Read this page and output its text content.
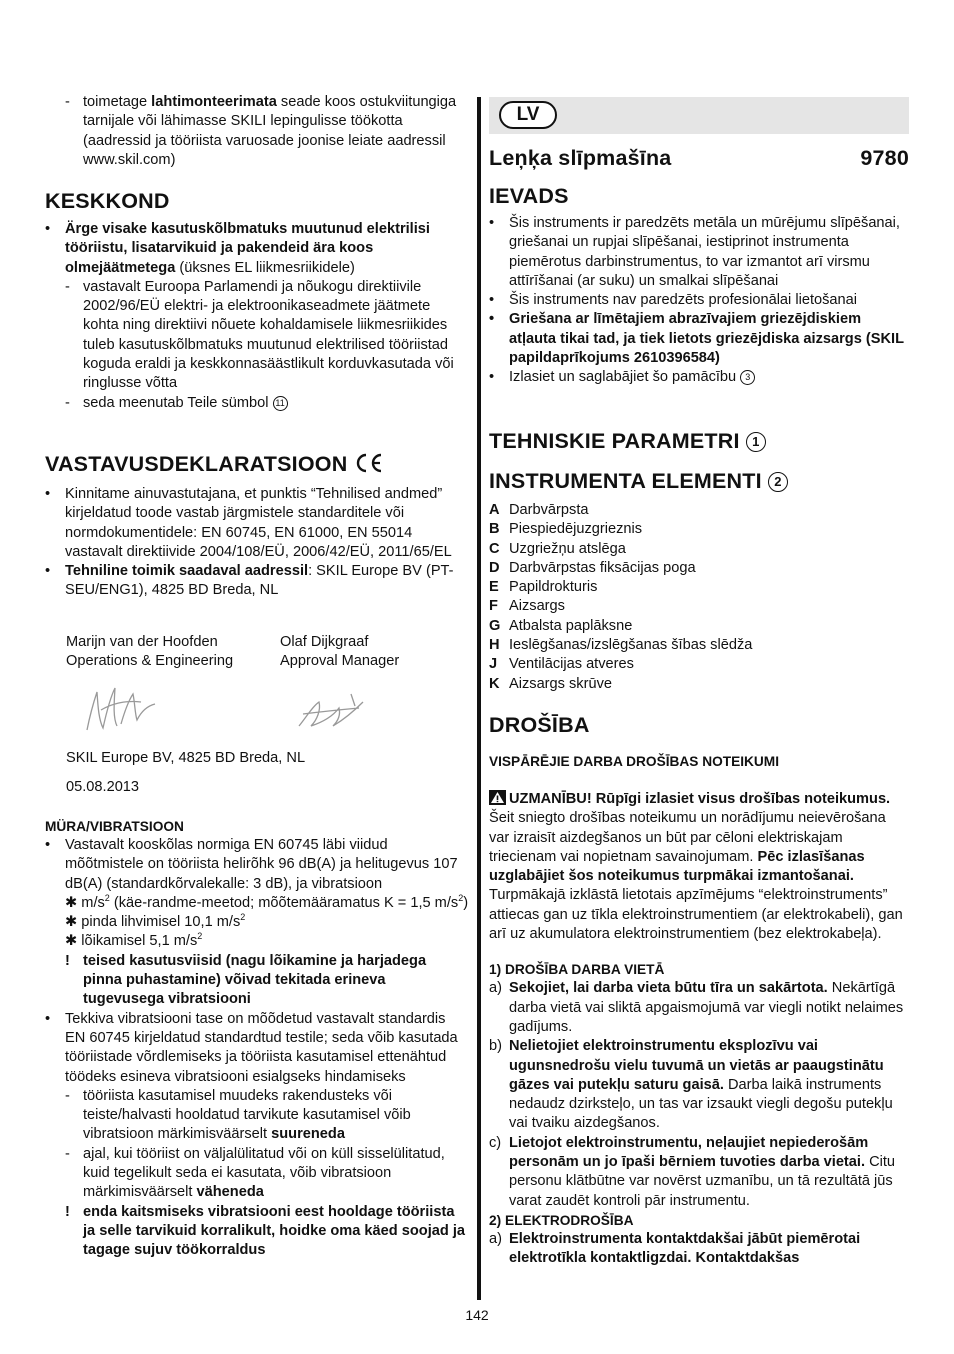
- toimetage lahtimonteerimata seade koos ostukviitungiga tarnijale või lähimasse SKILI lepingulisse töökotta (aadressid ja tööriista varuosade joonise leiate aadressil www.skil.com)

KESKKOND

• Ärge visake kasutuskõlbmatuks muutunud elektrilisi tööriistu, lisatarvikuid ja pakendeid ära koos olmejäätmetega (üksnes EL liikmesriikidele)

- vastavalt Euroopa Parlamendi ja nõukogu direktiivile 2002/96/EÜ elektri- ja elektroonikaseadmete jäätmete kohta ning direktiivi nõuete kohaldamisele liikmesriikides tuleb kasutuskõlbmatuks muutunud elektrilised tööriistad koguda eraldi ja keskkonnasäästlikult korduvkasutada või ringlusse võtta

- seda meenutab Teile sümbol 11

VASTAVUSDEKLARATSIOON

• Kinnitame ainuvastutajana, et punktis “Tehnilised andmed” kirjeldatud toode vastab järgmistele standarditele või normdokumentidele: EN 60745, EN 61000, EN 55014 vastavalt direktiivide 2004/108/EÜ, 2006/42/EÜ, 2011/65/EL

• Tehniline toimik saadaval aadressil: SKIL Europe BV (PT-SEU/ENG1), 4825 BD Breda, NL

Marijn van der Hoofden
Operations & Engineering
Olaf Dijkgraaf
Approval Manager
SKIL Europe BV, 4825 BD Breda, NL
05.08.2013
MÜRA/VIBRATSIOON

• Vastavalt kooskõlas normiga EN 60745 läbi viidud mõõtmistele on tööriista helirõhk 96 dB(A) ja helitugevus 107 dB(A) (standardkõrvalekalle: 3 dB), ja vibratsioon

✱ $m/s^2$ (käe-randme-meetod; mõõtemääramatus K = 1,5 $m/s^2$)

✱ pinda lihvimisel 10,1 $m/s^2$

✱ lõikamisel 5,1 $m/s^2$

! teised kasutusviisid (nagu lõikamine ja harjadega pinna puhastamine) võivad tekitada erineva tugevusega vibratsiooni

• Tekkiva vibratsiooni tase on mõõdetud vastavalt standardis EN 60745 kirjeldatud standardtud testile; seda võib kasutada tööriistade võrdlemiseks ja tööriista kasutamisel ettenähtud töödeks esineva vibratsiooni esialgseks hindamiseks

- tööriista kasutamisel muudeks rakendusteks või teiste/halvasti hooldatud tarvikute kasutamisel võib vibratsioon märkimisväärselt suureneda

- ajal, kui tööriist on väljalülitatud või on küll sisselülitatud, kuid tegelikult seda ei kasutata, võib vibratsioon märkimisväärselt väheneda

! enda kaitsmiseks vibratsiooni eest hooldage tööriista ja selle tarvikuid korralikult, hoidke oma käed soojad ja tagage sujuv töökorraldus

LV
Leņķa slīpmašīna	9780
IEVADS

• Šis instruments ir paredzēts metāla un mūrējumu slīpēšanai, griešanai un rupjai slīpēšanai, iestiprinot instrumenta piemērotus darbinstrumentus, to var izmantot arī virsmu attīrīšanai (ar suku) un smalkai slīpēšanai

• Šis instruments nav paredzēts profesionālai lietošanai

• Griešana ar līmētajiem abrazīvajiem griezējdiskiem atļauta tikai tad, ja tiek lietots griezējdiska aizsargs (SKIL papildaprīkojums 2610396584)

• Izlasiet un saglabājiet šo pamācību 3

TEHNISKIE PARAMETRI 1
INSTRUMENTA ELEMENTI 2

A Darbvārpsta

B Piespiedējuzgrieznis

C Uzgriežņu atslēga

D Darbvārpstas fiksācijas poga

E Papildrokturis

F Aizsargs

G Atbalsta paplāksne

H Ieslēgšanas/izslēgšanas šības slēdža

J Ventilācijas atveres

K Aizsargs skrūve

DROŠĪBA
VISPĀRĒJIE DARBA DROŠĪBAS NOTEIKUMI

UZMANĪBU! Rūpīgi izlasiet visus drošības noteikumus. Šeit sniegto drošības noteikumu un norādījumu neievērošana var izraisīt aizdegšanos un būt par cēloni elektriskajam triecienam vai nopietnam savainojumam. Pēc izlasīšanas uzglabājiet šos noteikumus turpmākai izmantošanai. Turpmākajā izklāstā lietotais apzīmējums “elektroinstruments” attiecas gan uz tīkla elektroinstrumentiem (ar elektrokabeli), gan arī uz akumulatora elektroinstrumentiem (bez elektrokabeļa).

1) DROŠĪBA DARBA VIETĀ

a) Sekojiet, lai darba vieta būtu tīra un sakārtota. Nekārtīgā darba vietā vai sliktā apgaismojumā var viegli notikt nelaimes gadījums.

b) Nelietojiet elektroinstrumentu eksplozīvu vai ugunsnedrošu vielu tuvumā un vietās ar paaugstinātu gāzes vai putekļu saturu gaisā. Darba laikā instruments nedaudz dzirksteļo, un tas var izsaukt viegli degošu putekļu vai tvaiku aizdegšanos.

c) Lietojot elektroinstrumentu, neļaujiet nepiederošām personām un jo īpaši bērniem tuvoties darba vietai. Citu personu klātbūtne var novērst uzmanību, un tā rezultātā jūs varat zaudēt kontroli pār instrumentu.

2) ELEKTRODROŠĪBA

a) Elektroinstrumenta kontaktdakšai jābūt piemērotai elektrotīkla kontaktligzdai. Kontaktdakšas

142
